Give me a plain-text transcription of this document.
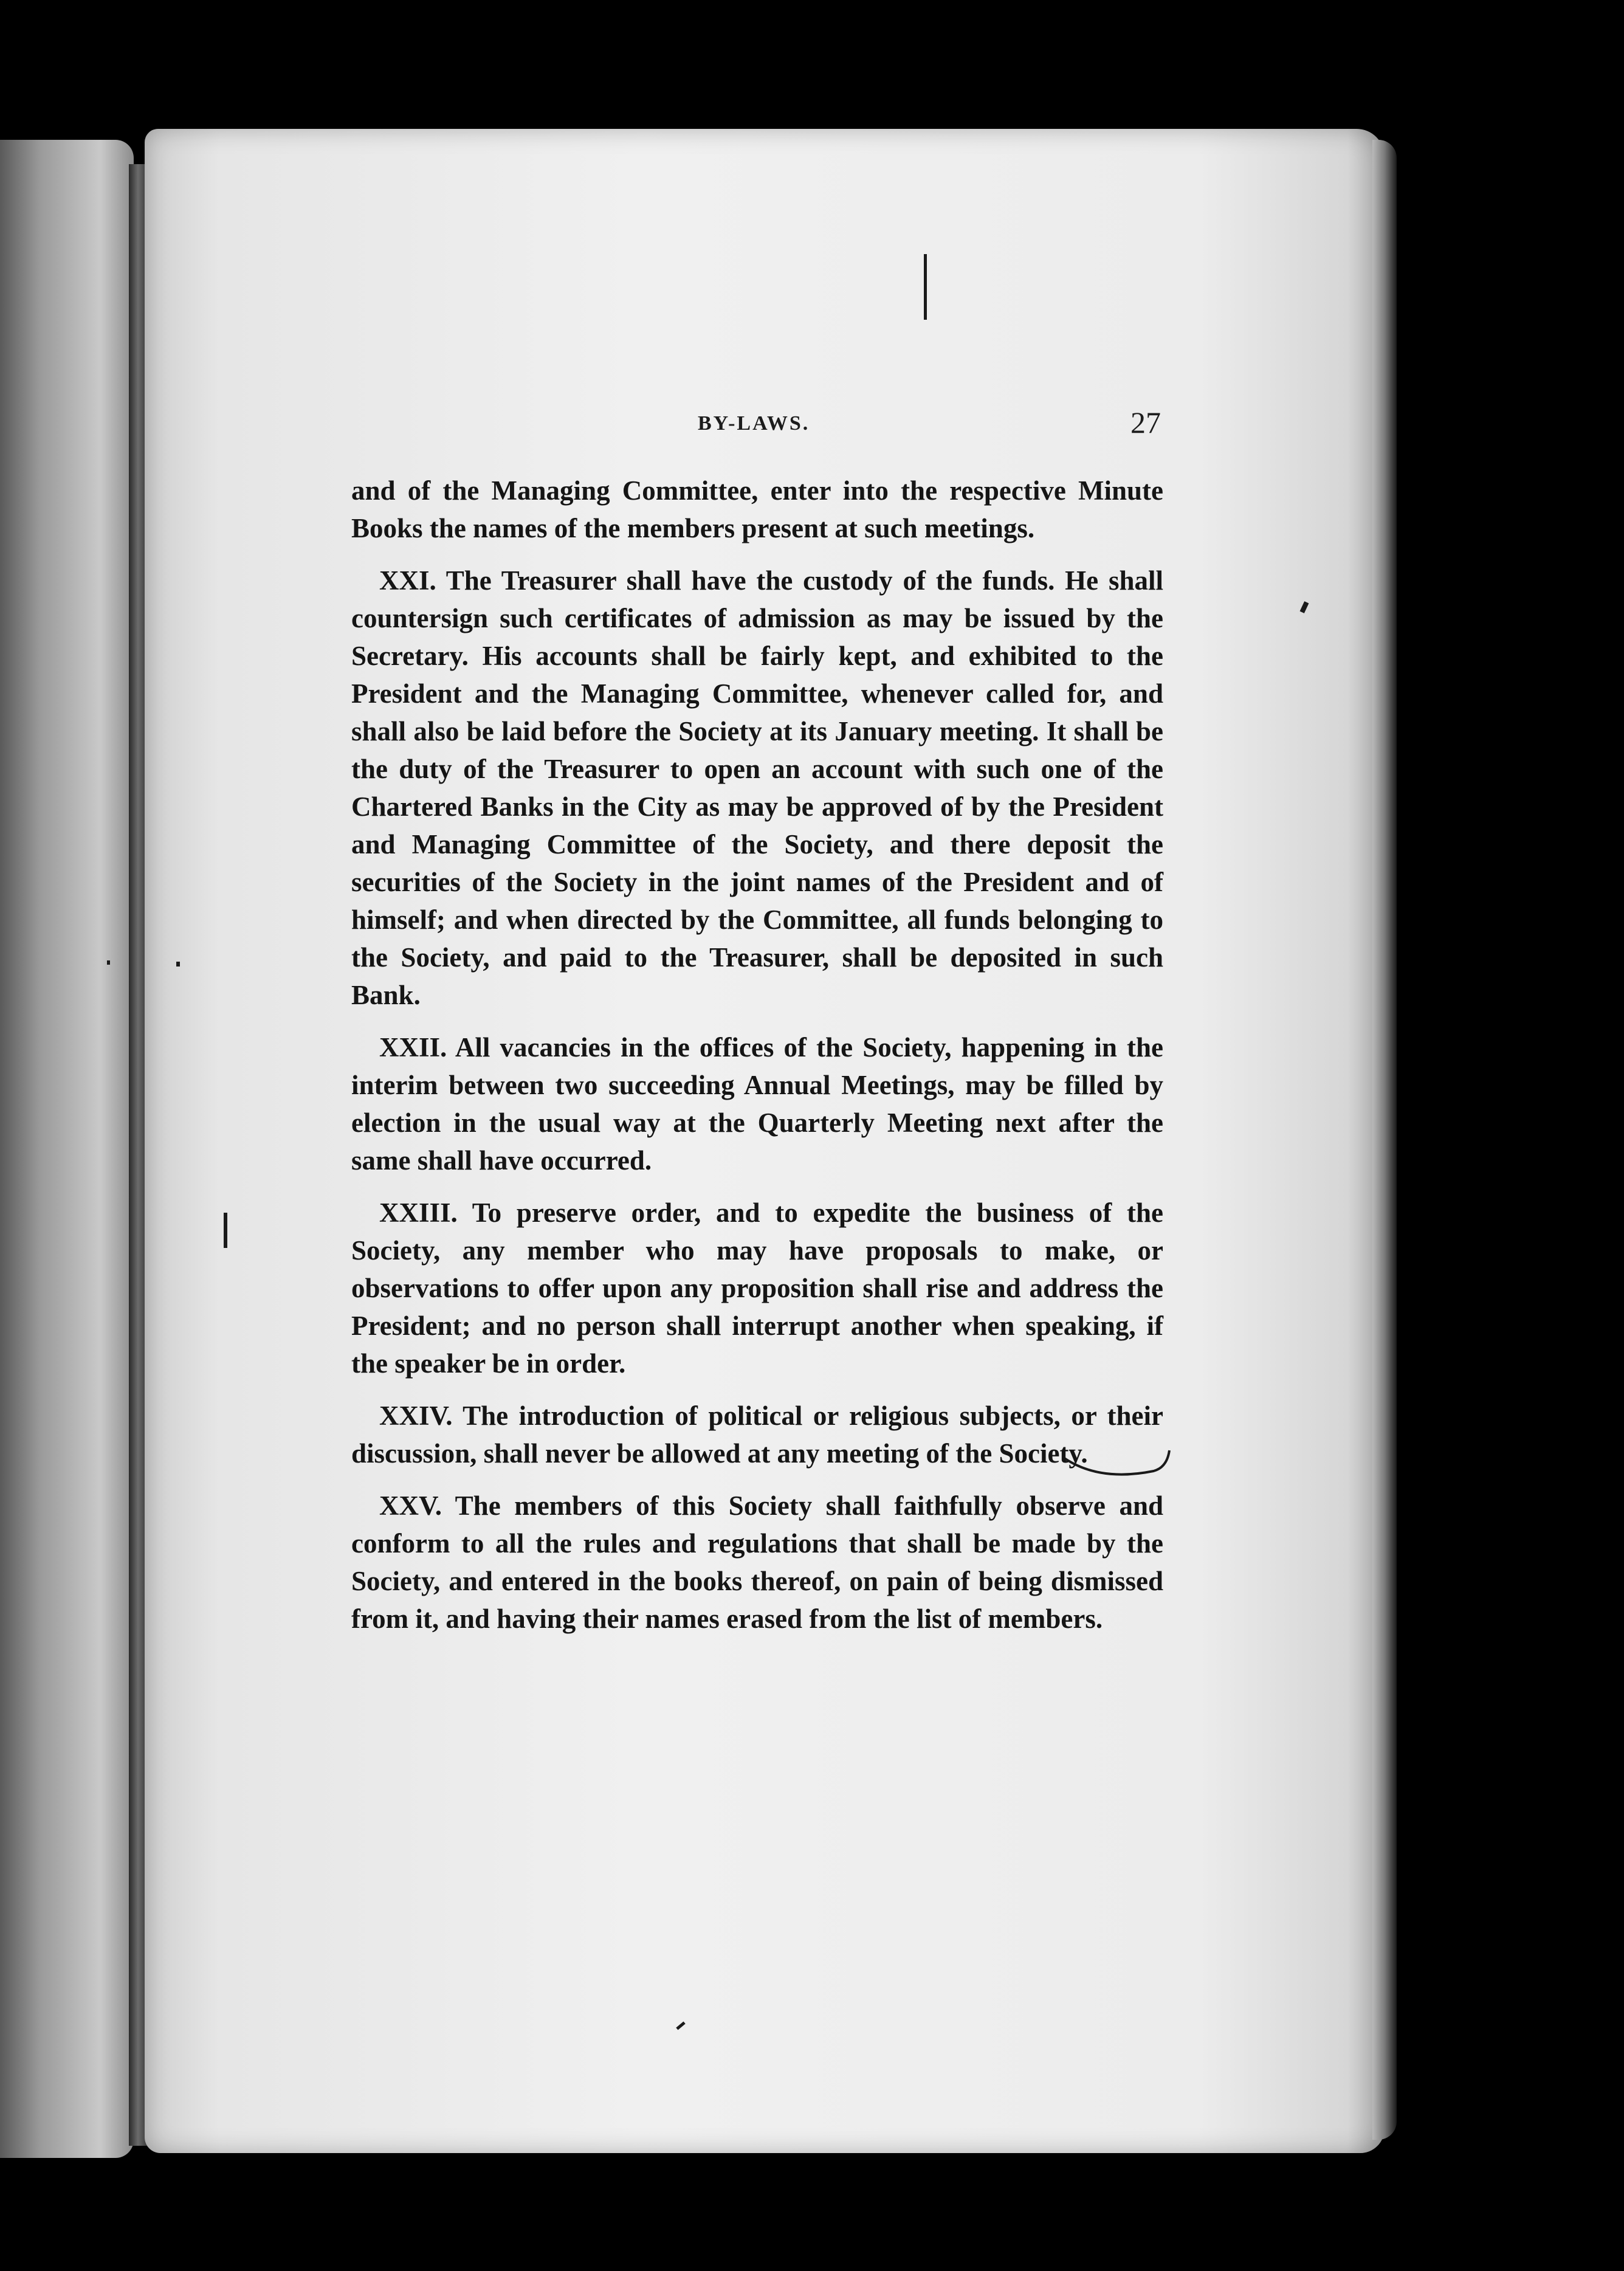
BY-LAWS.	27

and of the Managing Committee, enter into the respective Minute Books the names of the members present at such meetings.

XXI. The Treasurer shall have the custody of the funds. He shall countersign such certificates of admission as may be issued by the Secretary. His accounts shall be fairly kept, and exhibited to the President and the Managing Committee, whenever called for, and shall also be laid before the Society at its January meeting. It shall be the duty of the Treasurer to open an account with such one of the Chartered Banks in the City as may be approved of by the President and Managing Committee of the Society, and there deposit the securities of the Society in the joint names of the President and of himself; and when directed by the Committee, all funds belonging to the Society, and paid to the Treasurer, shall be deposited in such Bank.

XXII. All vacancies in the offices of the Society, happening in the interim between two succeeding Annual Meetings, may be filled by election in the usual way at the Quarterly Meeting next after the same shall have occurred.

XXIII. To preserve order, and to expedite the business of the Society, any member who may have proposals to make, or observations to offer upon any proposition shall rise and address the President; and no person shall interrupt another when speaking, if the speaker be in order.

XXIV. The introduction of political or religious subjects, or their discussion, shall never be allowed at any meeting of the Society.

XXV. The members of this Society shall faithfully observe and conform to all the rules and regulations that shall be made by the Society, and entered in the books thereof, on pain of being dismissed from it, and having their names erased from the list of members.
